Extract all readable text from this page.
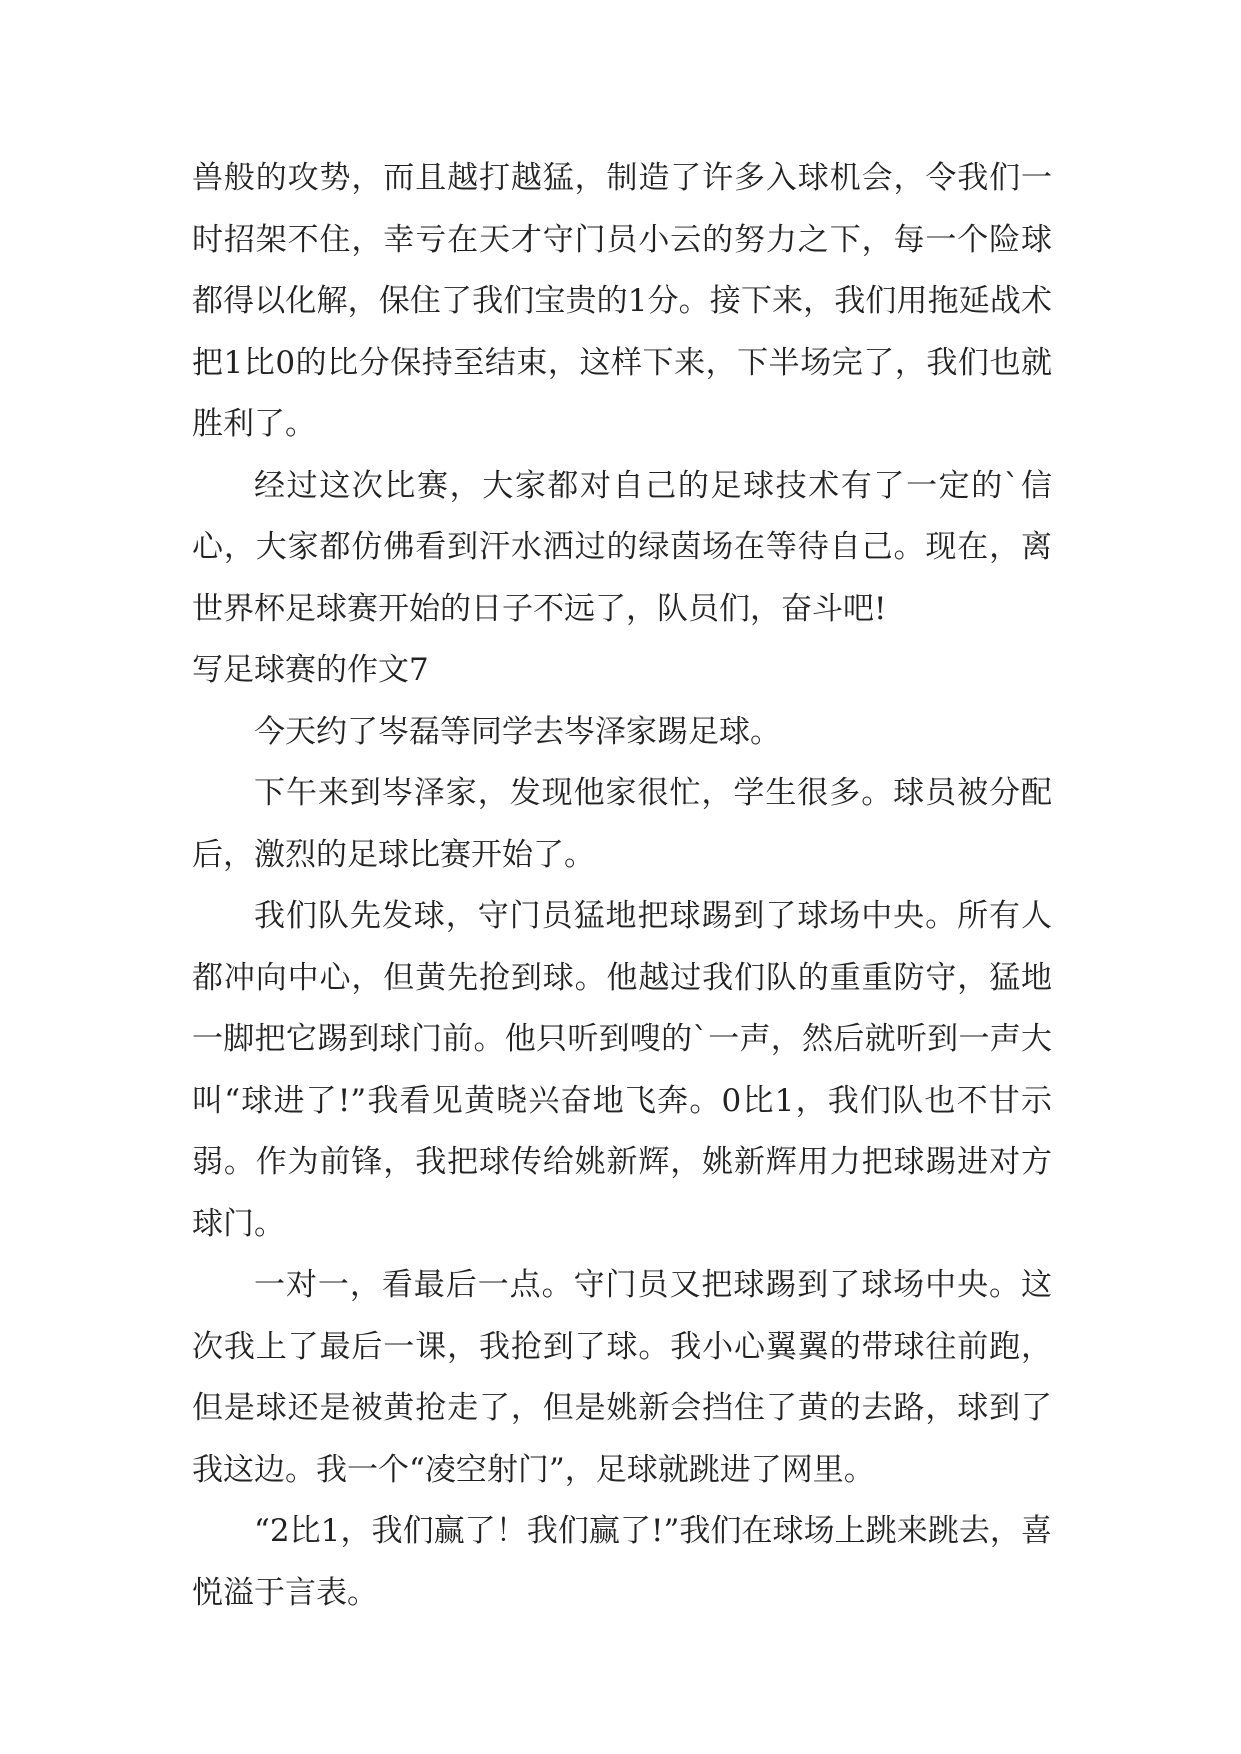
兽般的攻势，而且越打越猛，制造了许多入球机会，令我们一时招架不住，幸亏在天才守门员小云的努力之下，每一个险球都得以化解，保住了我们宝贵的1分。接下来，我们用拖延战术把1比0的比分保持至结束，这样下来，下半场完了，我们也就胜利了。

经过这次比赛，大家都对自己的足球技术有了一定的`信心，大家都仿佛看到汗水洒过的绿茵场在等待自己。现在，离世界杯足球赛开始的日子不远了，队员们，奋斗吧!

写足球赛的作文7

今天约了岑磊等同学去岑泽家踢足球。

下午来到岑泽家，发现他家很忙，学生很多。球员被分配后，激烈的足球比赛开始了。

我们队先发球，守门员猛地把球踢到了球场中央。所有人都冲向中心，但黄先抢到球。他越过我们队的重重防守，猛地一脚把它踢到球门前。他只听到嗖的`一声，然后就听到一声大叫“球进了!”我看见黄晓兴奋地飞奔。0比1，我们队也不甘示弱。作为前锋，我把球传给姚新辉，姚新辉用力把球踢进对方球门。

一对一，看最后一点。守门员又把球踢到了球场中央。这次我上了最后一课，我抢到了球。我小心翼翼的带球往前跑，但是球还是被黄抢走了，但是姚新会挡住了黄的去路，球到了我这边。我一个“凌空射门”，足球就跳进了网里。

“2比1，我们赢了！我们赢了!”我们在球场上跳来跳去，喜悦溢于言表。
